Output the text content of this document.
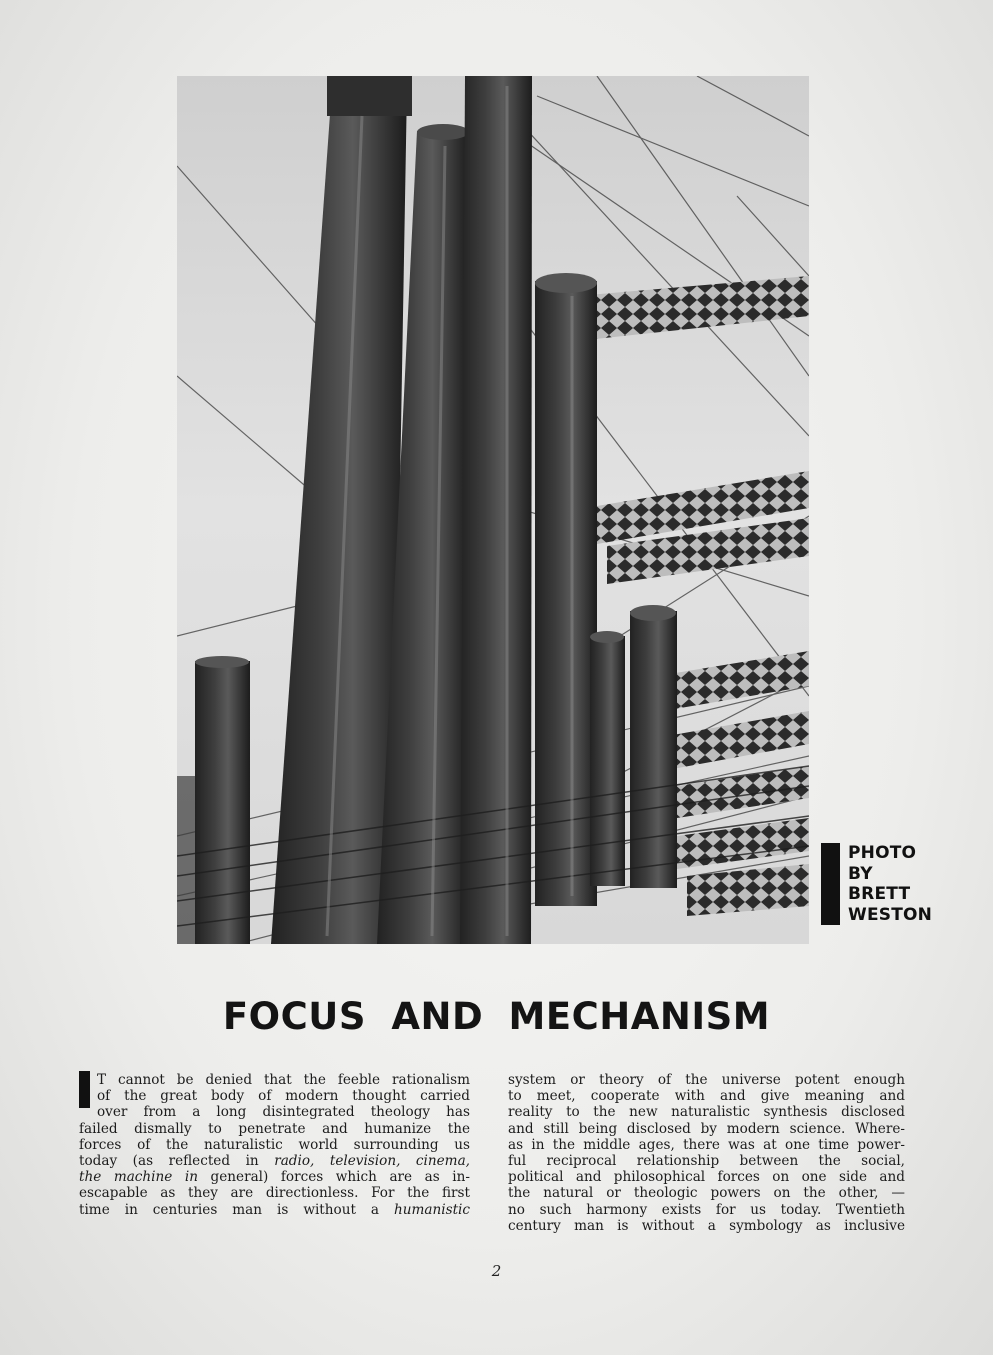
PHOTO
BY
BRETT
WESTON
FOCUS AND MECHANISM
T cannot be denied that the feeble rationalism
of the great body of modern thought carried
over from a long disintegrated theology has
failed dismally to penetrate and humanize the
forces of the naturalistic world surrounding us
today (as reflected in radio, television, cinema,
the machine in general) forces which are as in-
escapable as they are directionless. For the first
time in centuries man is without a humanistic
system or theory of the universe potent enough
to meet, cooperate with and give meaning and
reality to the new naturalistic synthesis disclosed
and still being disclosed by modern science. Where-
as in the middle ages, there was at one time power-
ful reciprocal relationship between the social,
political and philosophical forces on one side and
the natural or theologic powers on the other, —
no such harmony exists for us today. Twentieth
century man is without a symbology as inclusive
2
